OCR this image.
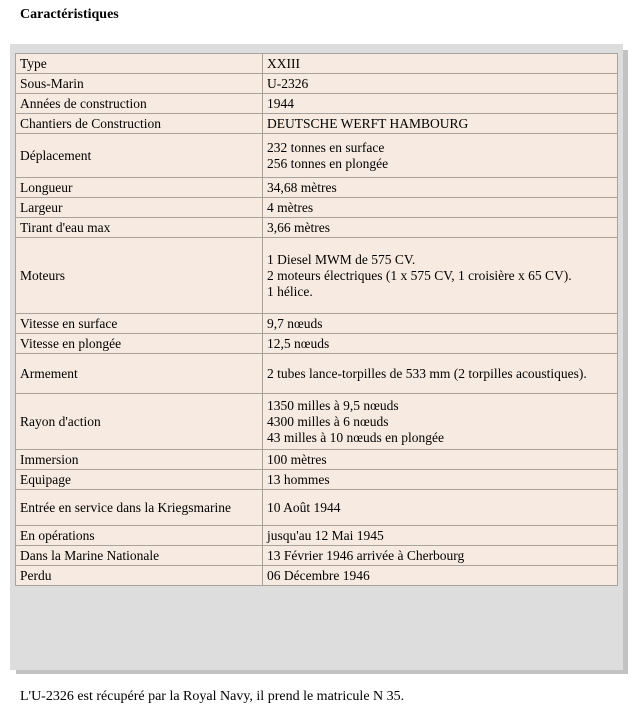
Caractéristiques
Type	XXIII

Sous-Marin	U-2326

Années de construction	1944

Chantiers de Construction	DEUTSCHE WERFT HAMBOURG

Déplacement	232 tonnes en surface
256 tonnes en plongée

Longueur	34,68 mètres

Largeur	4 mètres

Tirant d'eau max	3,66 mètres

Moteurs	1 Diesel MWM de 575 CV.
2 moteurs électriques (1 x 575 CV, 1 croisière x 65 CV).
1 hélice.

Vitesse en surface	9,7 nœuds

Vitesse en plongée	12,5 nœuds

Armement	2 tubes lance-torpilles de 533 mm (2 torpilles acoustiques).

Rayon d'action	1350 milles à 9,5 nœuds
4300 milles à 6 nœuds
43 milles à 10 nœuds en plongée

Immersion	100 mètres

Equipage	13 hommes

Entrée en service dans la Kriegsmarine	10 Août 1944

En opérations	jusqu'au 12 Mai 1945

Dans la Marine Nationale	13 Février 1946 arrivée à Cherbourg

Perdu	06 Décembre 1946
L'U-2326 est récupéré par la Royal Navy, il prend le matricule N 35.
